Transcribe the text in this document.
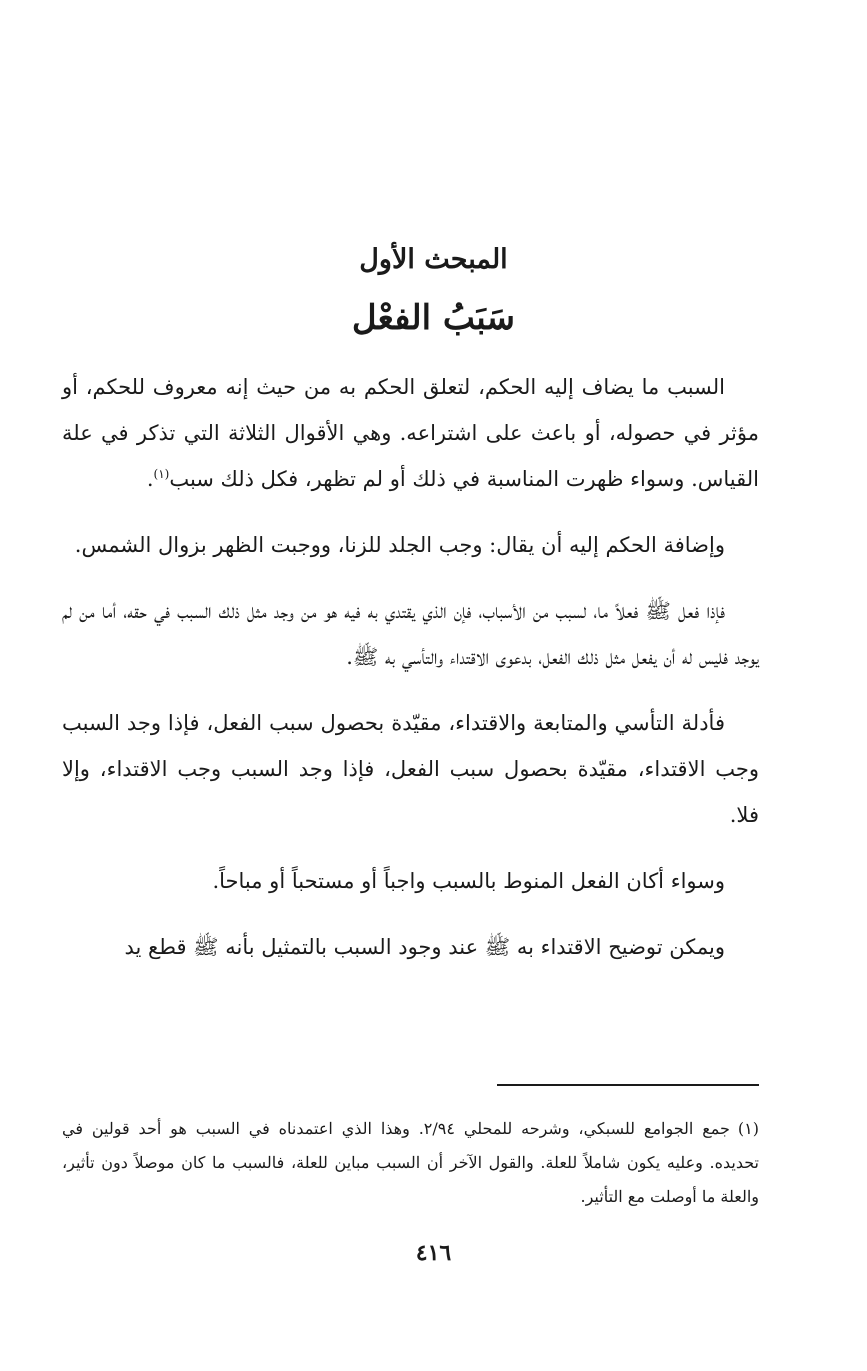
المبحث الأول
سَبَبُ الفعْل

السبب ما يضاف إليه الحكم، لتعلق الحكم به من حيث إنه معروف للحكم، أو مؤثر في حصوله، أو باعث على اشتراعه. وهي الأقوال الثلاثة التي تذكر في علة القياس. وسواء ظهرت المناسبة في ذلك أو لم تظهر، فكل ذلك سبب$^{(١)}$.

وإضافة الحكم إليه أن يقال: وجب الجلد للزنا، ووجبت الظهر بزوال الشمس.

فإذا فعل ﷺ فعلاً ما، لسبب من الأسباب، فإن الذي يقتدي به فيه هو من وجد مثل ذلك السبب في حقه، أما من لم يوجد فليس له أن يفعل مثل ذلك الفعل، بدعوى الاقتداء والتأسي به ﷺ.

فأدلة التأسي والمتابعة والاقتداء، مقيّدة بحصول سبب الفعل، فإذا وجد السبب وجب الاقتداء، مقيّدة بحصول سبب الفعل، فإذا وجد السبب وجب الاقتداء، وإلا فلا.

وسواء أكان الفعل المنوط بالسبب واجباً أو مستحباً أو مباحاً.

ويمكن توضيح الاقتداء به ﷺ عند وجود السبب بالتمثيل بأنه ﷺ قطع يد

(١)جمع الجوامع للسبكي، وشرحه للمحلي ٢/٩٤. وهذا الذي اعتمدناه في السبب هو أحد قولين في تحديده. وعليه يكون شاملاً للعلة. والقول الآخر أن السبب مباين للعلة، فالسبب ما كان موصلاً دون تأثير، والعلة ما أوصلت مع التأثير.

٤١٦
